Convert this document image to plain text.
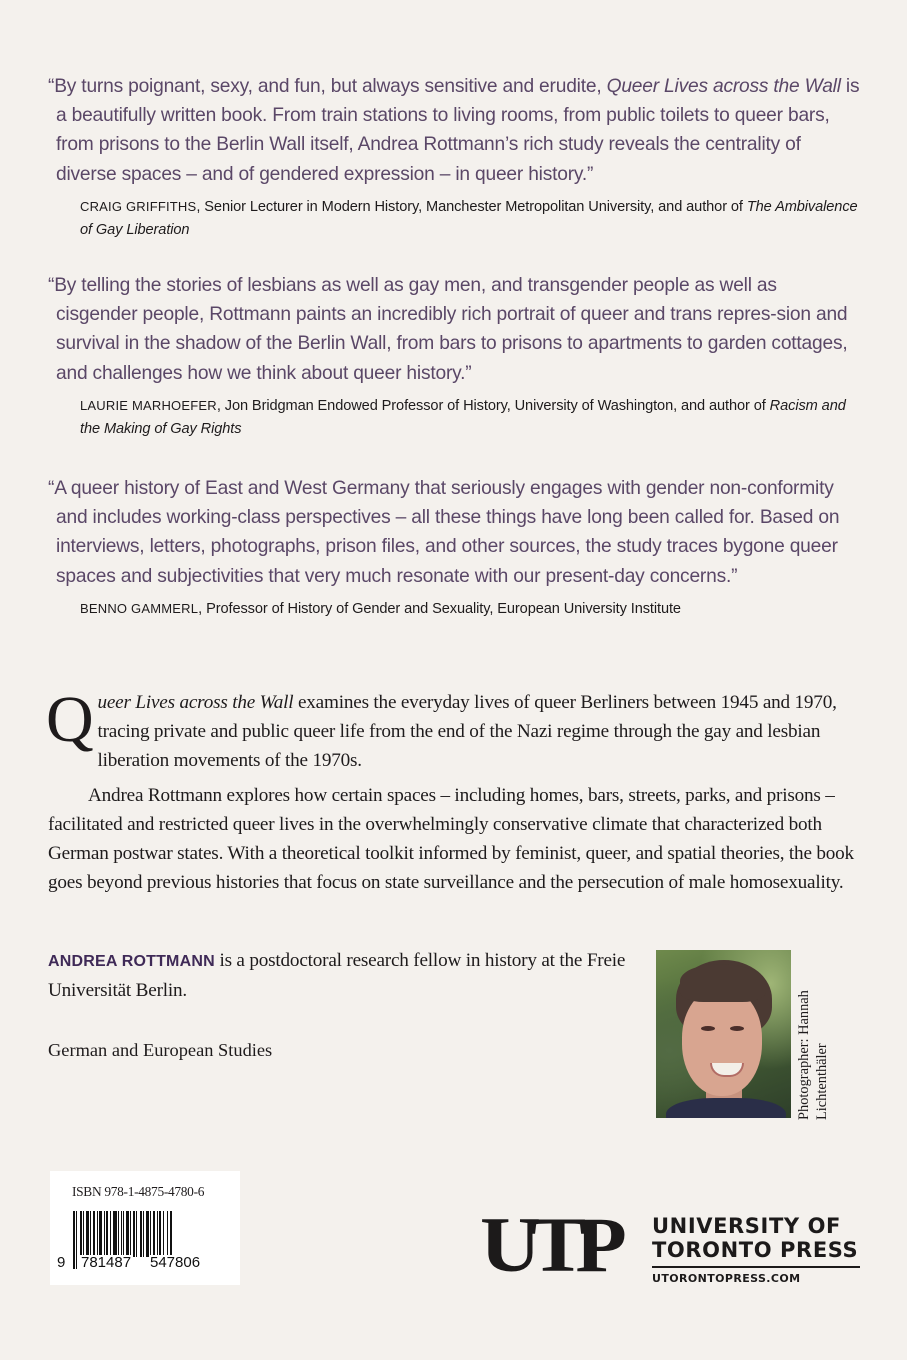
“By turns poignant, sexy, and fun, but always sensitive and erudite, Queer Lives across the Wall is a beautifully written book. From train stations to living rooms, from public toilets to queer bars, from prisons to the Berlin Wall itself, Andrea Rottmann’s rich study reveals the centrality of diverse spaces – and of gendered expression – in queer history.”

CRAIG GRIFFITHS, Senior Lecturer in Modern History, Manchester Metropolitan University, and author of The Ambivalence of Gay Liberation

“By telling the stories of lesbians as well as gay men, and transgender people as well as cisgender people, Rottmann paints an incredibly rich portrait of queer and trans repres-sion and survival in the shadow of the Berlin Wall, from bars to prisons to apartments to garden cottages, and challenges how we think about queer history.”

LAURIE MARHOEFER, Jon Bridgman Endowed Professor of History, University of Washington, and author of Racism and the Making of Gay Rights

“A queer history of East and West Germany that seriously engages with gender non-conformity and includes working-class perspectives – all these things have long been called for. Based on interviews, letters, photographs, prison files, and other sources, the study traces bygone queer spaces and subjectivities that very much resonate with our present-day concerns.”

BENNO GAMMERL, Professor of History of Gender and Sexuality, European University Institute

Queer Lives across the Wall examines the everyday lives of queer Berliners between 1945 and 1970, tracing private and public queer life from the end of the Nazi regime through the gay and lesbian liberation movements of the 1970s.

Andrea Rottmann explores how certain spaces – including homes, bars, streets, parks, and prisons – facilitated and restricted queer lives in the overwhelmingly conservative climate that characterized both German postwar states. With a theoretical toolkit informed by feminist, queer, and spatial theories, the book goes beyond previous histories that focus on state surveillance and the persecution of male homosexuality.

ANDREA ROTTMANN is a postdoctoral research fellow in history at the Freie Universität Berlin.
German and European Studies	Photographer: Hannah Lichtenthäler
ISBN 978-1-4875-4780-6
9 781487 547806	UTP UNIVERSITY OF
TORONTO PRESS
UTORONTOPRESS.COM
